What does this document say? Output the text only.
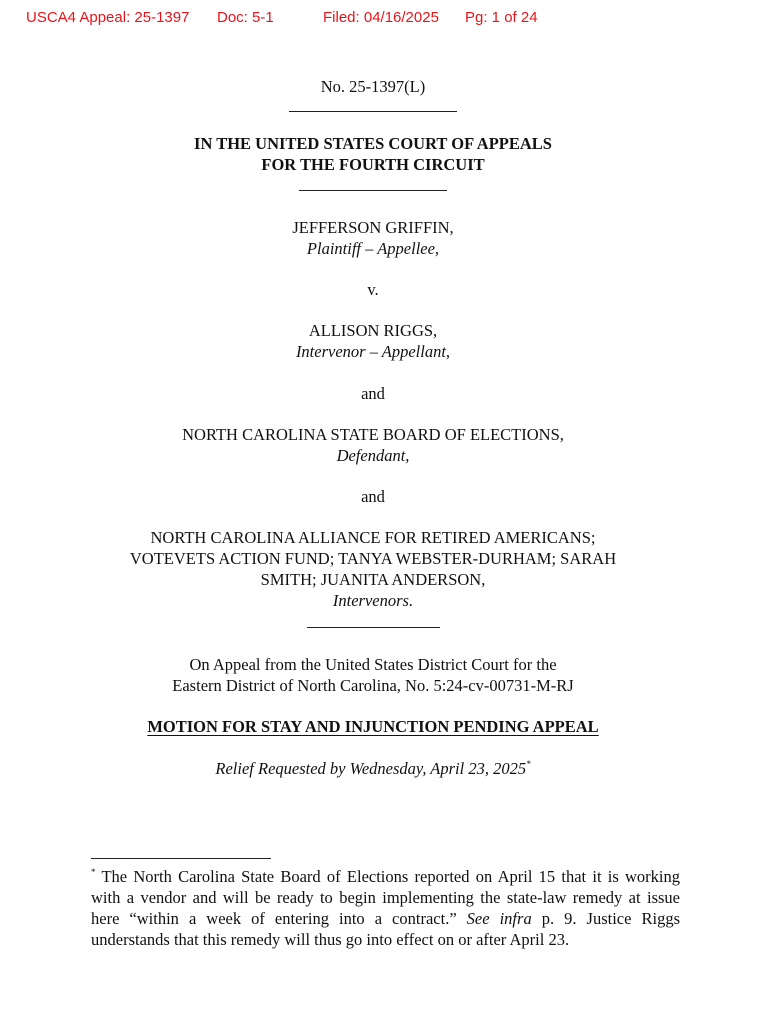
USCA4 Appeal: 25-1397 Doc: 5-1	Filed: 04/16/2025 Pg: 1 of 24
No. 25-1397(L)
IN THE UNITED STATES COURT OF APPEALS
FOR THE FOURTH CIRCUIT
JEFFERSON GRIFFIN,
Plaintiff – Appellee,
v.
ALLISON RIGGS,
Intervenor – Appellant,
and
NORTH CAROLINA STATE BOARD OF ELECTIONS,
Defendant,
and
NORTH CAROLINA ALLIANCE FOR RETIRED AMERICANS;
VOTEVETS ACTION FUND; TANYA WEBSTER-DURHAM; SARAH
SMITH; JUANITA ANDERSON,
Intervenors.
On Appeal from the United States District Court for the
Eastern District of North Carolina, No. 5:24-cv-00731-M-RJ
MOTION FOR STAY AND INJUNCTION PENDING APPEAL
Relief Requested by Wednesday, April 23, 2025*
* The North Carolina State Board of Elections reported on April 15 that it is working
with a vendor and will be ready to begin implementing the state-law remedy at issue
here “within a week of entering into a contract.” See infra p. 9. Justice Riggs
understands that this remedy will thus go into effect on or after April 23.
